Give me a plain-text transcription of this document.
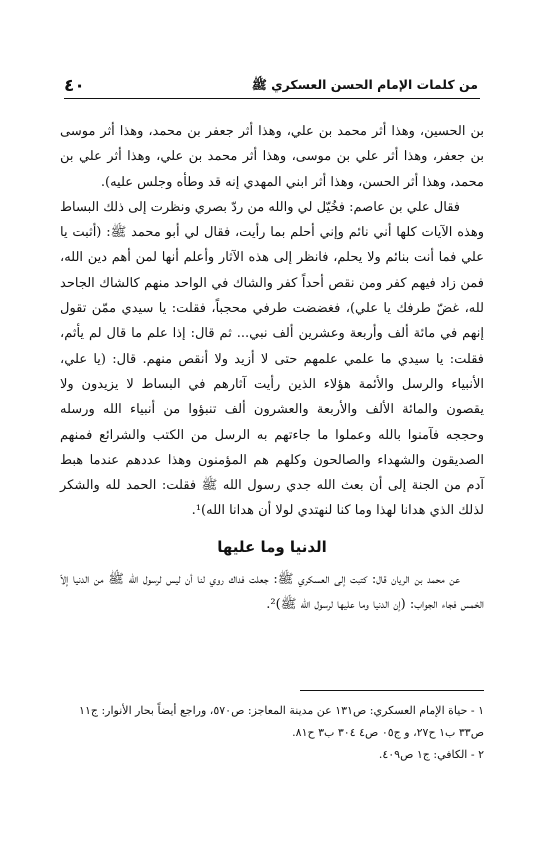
٤٠	من كلمات الإمام الحسن العسكري ﷺ

بن الحسين، وهذا أثر محمد بن علي، وهذا أثر جعفر بن محمد، وهذا أثر موسى بن جعفر، وهذا أثر علي بن موسى، وهذا أثر محمد بن علي، وهذا أثر علي بن محمد، وهذا أثر الحسن، وهذا أثر ابني المهدي إنه قد وطأه وجلس عليه).

فقال علي بن عاصم: فخُيّل لي والله من ردّ بصري ونظرت إلى ذلك البساط وهذه الآيات كلها أني نائم وإني أحلم بما رأيت، فقال لي أبو محمد ﷺ: (أثبت يا علي فما أنت بنائم ولا يحلم، فانظر إلى هذه الآثار وأعلم أنها لمن أهم دين الله، فمن زاد فيهم كفر ومن نقص أحداً كفر والشاك في الواحد منهم كالشاك الجاحد لله، غضّ طرفك يا علي)، فغضضت طرفي محجباً، فقلت: يا سيدي ممّن تقول إنهم في مائة ألف وأربعة وعشرين ألف نبي... ثم قال: إذا علم ما قال لم يأثم، فقلت: يا سيدي ما علمي علمهم حتى لا أزيد ولا أنقص منهم. قال: (يا علي، الأنبياء والرسل والأئمة هؤلاء الذين رأيت آثارهم في البساط لا يزيدون ولا يقصون والمائة الألف والأربعة والعشرون ألف تنبؤوا من أنبياء الله ورسله وحججه فآمنوا بالله وعملوا ما جاءتهم به الرسل من الكتب والشرائع فمنهم الصديقون والشهداء والصالحون وكلهم هم المؤمنون وهذا عددهم عندما هبط آدم من الجنة إلى أن بعث الله جدي رسول الله ﷺ فقلت: الحمد لله والشكر لذلك الذي هدانا لهذا وما كنا لنهتدي لولا أن هدانا الله)¹.

الدنيا وما عليها

عن محمد بن الريان قال: كتبت إلى العسكري ﷺ: جعلت فداك روي لنا أن ليس لرسول الله ﷺ من الدنيا إلاّ الخمس فجاء الجواب: (إن الدنيا وما عليها لرسول الله ﷺ)².

١ - حياة الإمام العسكري: ص١٣١ عن مدينة المعاجز: ص٥٧٠، وراجع أيضاً بحار الأنوار: ج١١ ص٣٣ ب١ ح٢٧، و ج٠٥ ص٤ ٣٠٤ ب٣ ح٨١.

٢ - الكافي: ج١ ص٤٠٩.
